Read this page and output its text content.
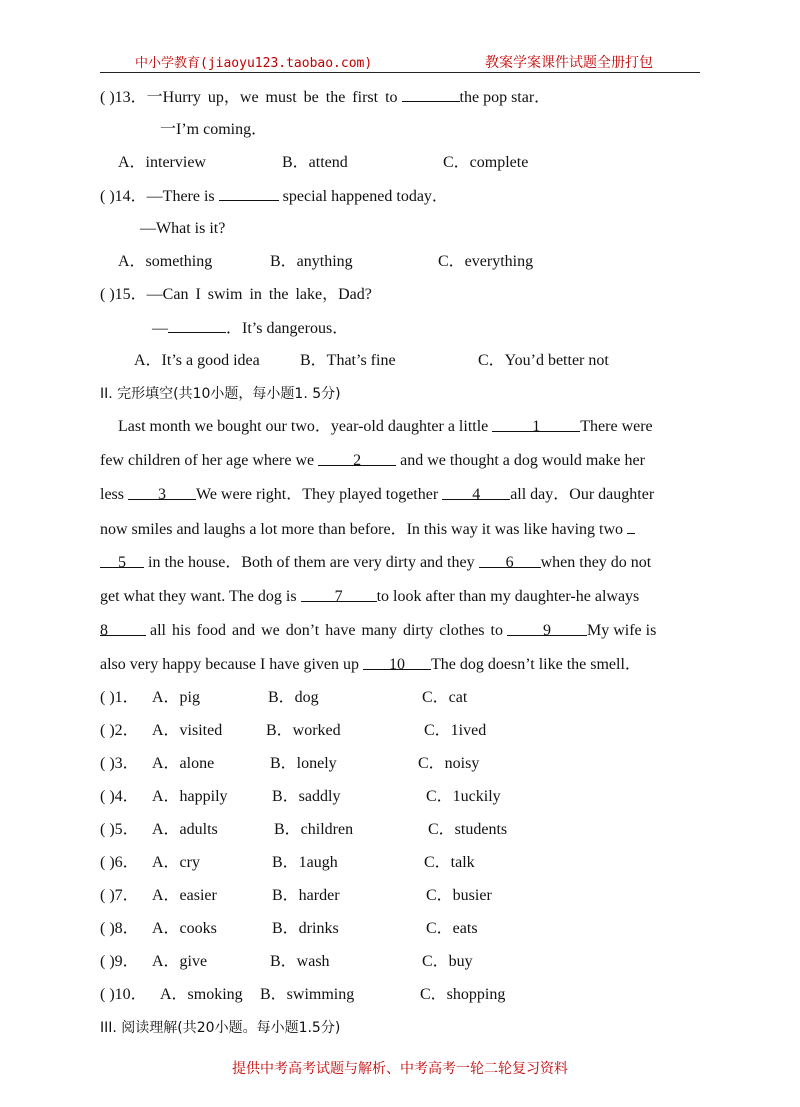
中小学教育(jiaoyu123.taobao.com)	教案学案课件试题全册打包
( )13．一Hurry up，we must be the first to	the pop star．
一I’m coming．
A．interview	B．attend	C．complete
( )14．—There is	special happened today．
—What is it?
A．something	B．anything	C．everything
( )15．—Can I swim in the lake，Dad?
—	．It’s dangerous．
A．It’s a good idea	B．That’s fine	C．You’d better not
II. 完形填空(共10小题，每小题1. 5分)
Last month we bought our two．year-old daughter a little	1	There were
few children of her age where we 2 and we thought a dog would make her
less 3 We were right．They played together 4 all day．Our daughter
now smiles and laughs a lot more than before．In this way it was like having two
5 in the house．Both of them are very dirty and they 6 when they do not
get what they want. The dog is 7 to look after than my daughter-he always
8	all his food and we don’t have many dirty clothes to	9 My wife is
also very happy because I have given up 10 The dog doesn’t like the smell．
( )1． A．pig	B．dog	C．cat
( )2． A．visited	B．worked	C．1ived
( )3． A．alone	B．lonely	C．noisy
( )4． A．happily	B．saddly	C．1uckily
( )5． A．adults	B．children	C．students
( )6． A．cry	B．1augh	C．talk
( )7． A．easier	B．harder	C．busier
( )8． A．cooks	B．drinks	C．eats
( )9． A．give	B．wash	C．buy
( )10． A．smoking B．swimming	C．shopping
III. 阅读理解(共20小题。每小题1.5分)
提供中考高考试题与解析、中考高考一轮二轮复习资料
